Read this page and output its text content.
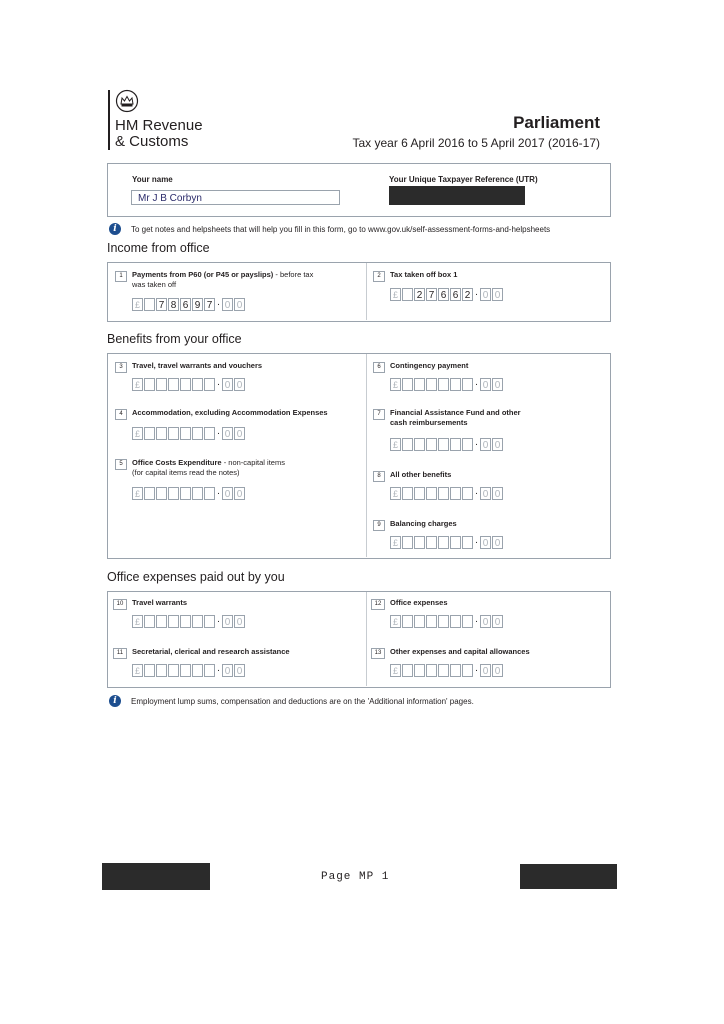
HM Revenue
& Customs
Parliament
Tax year 6 April 2016 to 5 April 2017 (2016-17)
Your name
Mr J B Corbyn
Your Unique Taxpayer Reference (UTR)
i	To get notes and helpsheets that will help you fill in this form, go to www.gov.uk/self-assessment-forms-and-helpsheets
Income from office
Benefits from your office
Office expenses paid out by you
1	Payments from P60 (or P45 or payslips) - before tax
was taken off
£	7 8 6 9 7 · 0 0
2	Tax taken off box 1
£	2 7 6 6 2 · 0 0
3	Travel, travel warrants and vouchers
£	· 0 0
4	Accommodation, excluding Accommodation Expenses
£	· 0 0
5	Office Costs Expenditure - non-capital items
(for capital items read the notes)
£	· 0 0
6	Contingency payment
£	· 0 0
7	Financial Assistance Fund and other
cash reimbursements
£	· 0 0
8	All other benefits
£	· 0 0
9	Balancing charges
£	· 0 0
10	Travel warrants
£	· 0 0
11	Secretarial, clerical and research assistance
£	· 0 0
12	Office expenses
£	· 0 0
13	Other expenses and capital allowances
£	· 0 0
i	Employment lump sums, compensation and deductions are on the 'Additional information' pages.
Page MP 1
